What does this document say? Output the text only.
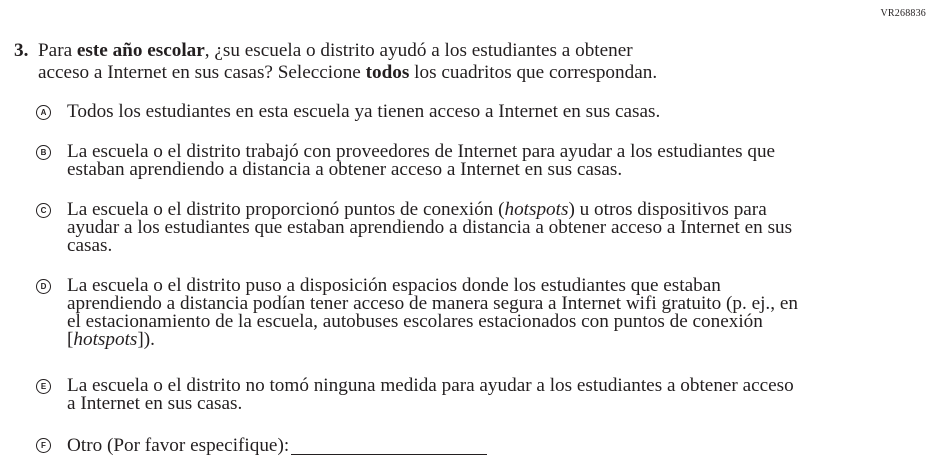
VR268836
3. Para este año escolar, ¿su escuela o distrito ayudó a los estudiantes a obtener
acceso a Internet en sus casas? Seleccione todos los cuadritos que correspondan.
A Todos los estudiantes en esta escuela ya tienen acceso a Internet en sus casas.
B La escuela o el distrito trabajó con proveedores de Internet para ayudar a los estudiantes que
estaban aprendiendo a distancia a obtener acceso a Internet en sus casas.
C La escuela o el distrito proporcionó puntos de conexión (hotspots) u otros dispositivos para
ayudar a los estudiantes que estaban aprendiendo a distancia a obtener acceso a Internet en sus
casas.
D La escuela o el distrito puso a disposición espacios donde los estudiantes que estaban
aprendiendo a distancia podían tener acceso de manera segura a Internet wifi gratuito (p. ej., en
el estacionamiento de la escuela, autobuses escolares estacionados con puntos de conexión
[hotspots]).
E La escuela o el distrito no tomó ninguna medida para ayudar a los estudiantes a obtener acceso
a Internet en sus casas.
F Otro (Por favor especifique):
